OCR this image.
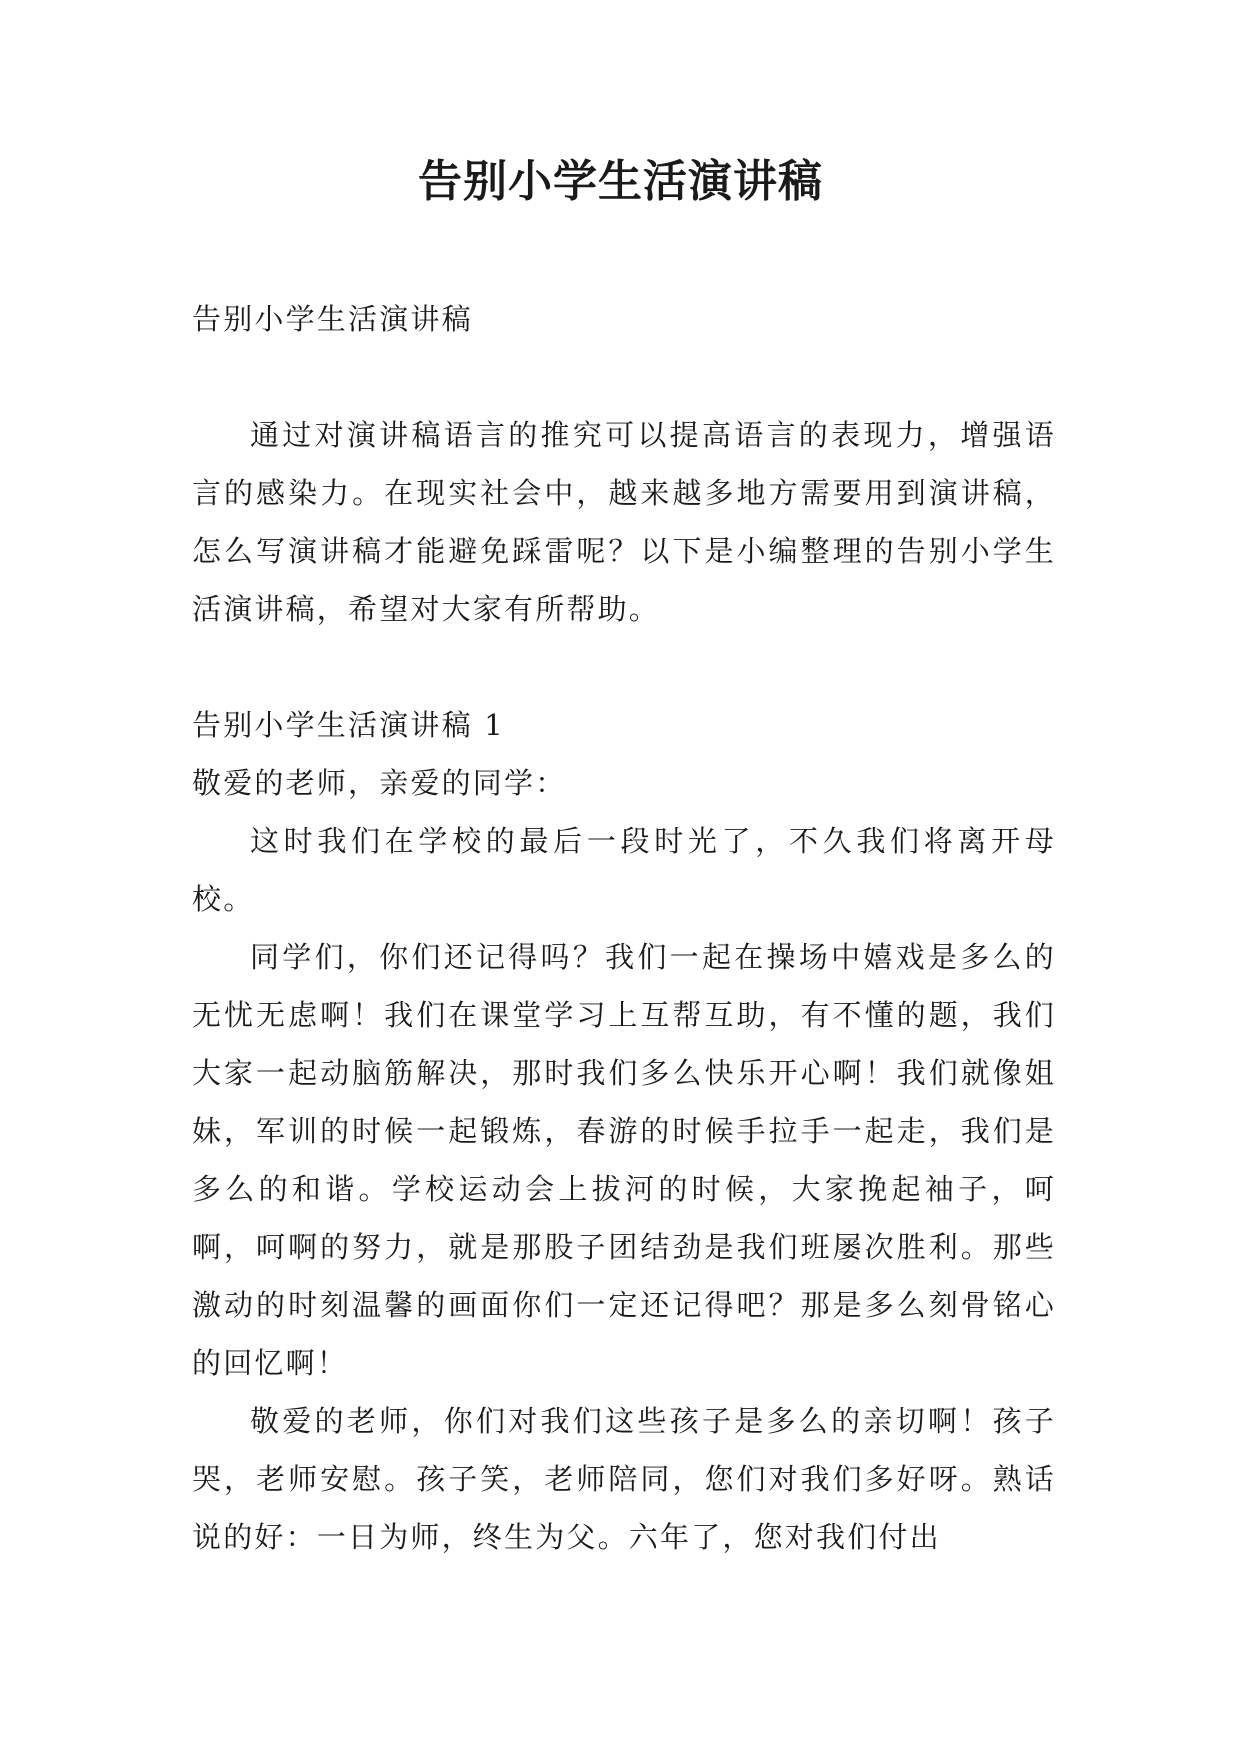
告别小学生活演讲稿

告别小学生活演讲稿

通过对演讲稿语言的推究可以提高语言的表现力，增强语言的感染力。在现实社会中，越来越多地方需要用到演讲稿，怎么写演讲稿才能避免踩雷呢？以下是小编整理的告别小学生活演讲稿，希望对大家有所帮助。

告别小学生活演讲稿 1

敬爱的老师，亲爱的同学：

这时我们在学校的最后一段时光了，不久我们将离开母校。

同学们，你们还记得吗？我们一起在操场中嬉戏是多么的无忧无虑啊！我们在课堂学习上互帮互助，有不懂的题，我们大家一起动脑筋解决，那时我们多么快乐开心啊！我们就像姐妹，军训的时候一起锻炼，春游的时候手拉手一起走，我们是多么的和谐。学校运动会上拔河的时候，大家挽起袖子，呵啊，呵啊的努力，就是那股子团结劲是我们班屡次胜利。那些激动的时刻温馨的画面你们一定还记得吧？那是多么刻骨铭心的回忆啊！

敬爱的老师，你们对我们这些孩子是多么的亲切啊！孩子哭，老师安慰。孩子笑，老师陪同，您们对我们多好呀。熟话说的好：一日为师，终生为父。六年了，您对我们付出
